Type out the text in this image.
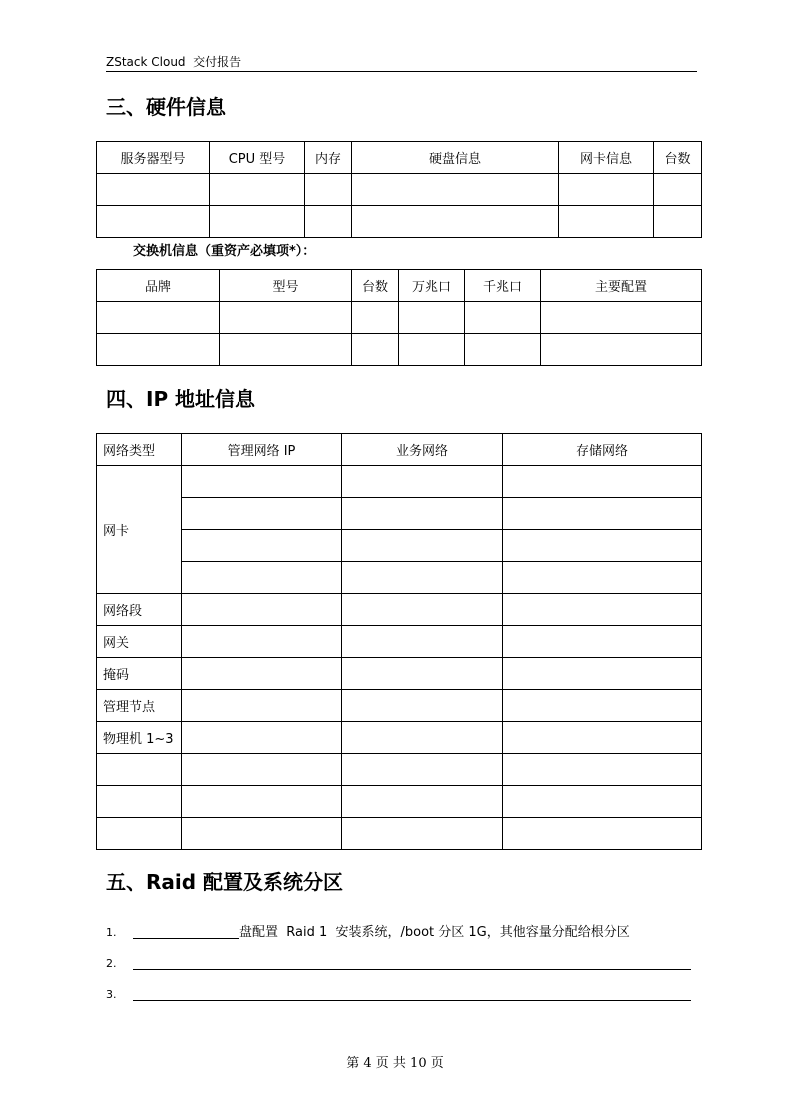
ZStack Cloud  交付报告
三、硬件信息
服务器型号	CPU 型号	内存	硬盘信息	网卡信息	台数

交换机信息（重资产必填项*）：
品牌	型号	台数	万兆口	千兆口	主要配置

四、IP 地址信息
网络类型	管理网络 IP	业务网络	存储网络
网卡			

网络段			
网关			
掩码			
管理节点			
物理机 1~3			

五、Raid 配置及系统分区
1.	盘配置  Raid 1  安装系统，/boot 分区 1G，其他容量分配给根分区
2.
3.
第 4 页 共 10 页
